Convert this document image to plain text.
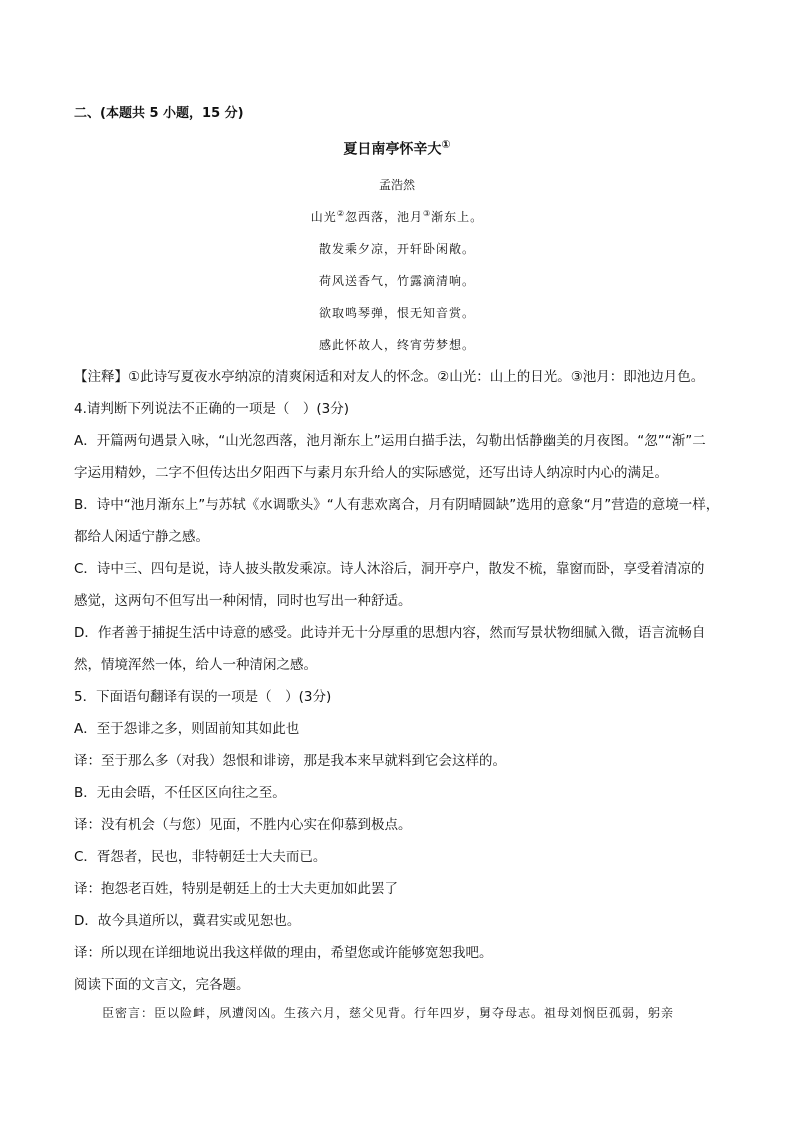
二、(本题共 5 小题，15 分)
夏日南亭怀辛大①
孟浩然
山光②忽西落，池月③渐东上。
散发乘夕凉，开轩卧闲敞。
荷风送香气，竹露滴清响。
欲取鸣琴弹，恨无知音赏。
感此怀故人，终宵劳梦想。
【注释】①此诗写夏夜水亭纳凉的清爽闲适和对友人的怀念。②山光：山上的日光。③池月：即池边月色。
4.请判断下列说法不正确的一项是（　）(3分)
A．开篇两句遇景入咏，“山光忽西落，池月渐东上”运用白描手法，勾勒出恬静幽美的月夜图。“忽”“渐”二
字运用精妙，二字不但传达出夕阳西下与素月东升给人的实际感觉，还写出诗人纳凉时内心的满足。
B．诗中“池月渐东上”与苏轼《水调歌头》“人有悲欢离合，月有阴晴圆缺”选用的意象“月”营造的意境一样，
都给人闲适宁静之感。
C．诗中三、四句是说，诗人披头散发乘凉。诗人沐浴后，洞开亭户，散发不梳，靠窗而卧，享受着清凉的
感觉，这两句不但写出一种闲情，同时也写出一种舒适。
D．作者善于捕捉生活中诗意的感受。此诗并无十分厚重的思想内容，然而写景状物细腻入微，语言流畅自
然，情境浑然一体，给人一种清闲之感。
5．下面语句翻译有误的一项是（　）(3分)
A．至于怨诽之多，则固前知其如此也
译：至于那么多（对我）怨恨和诽谤，那是我本来早就料到它会这样的。
B．无由会晤，不任区区向往之至。
译：没有机会（与您）见面，不胜内心实在仰慕到极点。
C．胥怨者，民也，非特朝廷士大夫而已。
译：抱怨老百姓，特别是朝廷上的士大夫更加如此罢了
D．故今具道所以，冀君实或见恕也。
译：所以现在详细地说出我这样做的理由，希望您或许能够宽恕我吧。
阅读下面的文言文，完各题。
臣密言：臣以险衅，夙遭闵凶。生孩六月，慈父见背。行年四岁，舅夺母志。祖母刘悯臣孤弱，躬亲
